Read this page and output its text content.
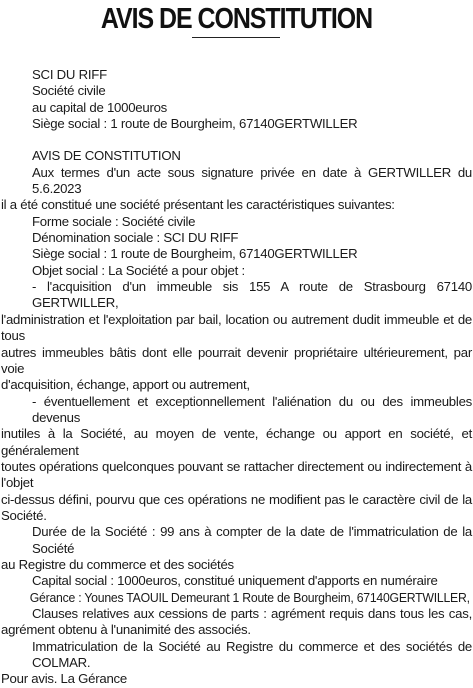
AVIS DE CONSTITUTION
SCI DU RIFF
Société civile
au capital de 1000euros
Siège social : 1 route de Bourgheim, 67140GERTWILLER
AVIS DE CONSTITUTION
Aux termes d'un acte sous signature privée en date à GERTWILLER du 5.6.2023
il a été constitué une société présentant les caractéristiques suivantes:
Forme sociale : Société civile
Dénomination sociale : SCI DU RIFF
Siège social : 1 route de Bourgheim, 67140GERTWILLER
Objet social : La Société a pour objet :
- l'acquisition d'un immeuble sis 155 A route de Strasbourg 67140 GERTWILLER,
l'administration et l'exploitation par bail, location ou autrement dudit immeuble et de tous
autres immeubles bâtis dont elle pourrait devenir propriétaire ultérieurement, par voie
d'acquisition, échange, apport ou autrement,
- éventuellement et exceptionnellement l'aliénation du ou des immeubles devenus
inutiles à la Société, au moyen de vente, échange ou apport en société, et généralement
toutes opérations quelconques pouvant se rattacher directement ou indirectement à l'objet
ci-dessus défini, pourvu que ces opérations ne modifient pas le caractère civil de la Société.
Durée de la Société : 99 ans à compter de la date de l'immatriculation de la Société
au Registre du commerce et des sociétés
Capital social : 1000euros, constitué uniquement d'apports en numéraire
Gérance : Younes TAOUIL Demeurant 1 Route de Bourgheim, 67140GERTWILLER,
Clauses relatives aux cessions de parts : agrément requis dans tous les cas,
agrément obtenu à l'unanimité des associés.
Immatriculation de la Société au Registre du commerce et des sociétés de COLMAR.
Pour avis. La Gérance
